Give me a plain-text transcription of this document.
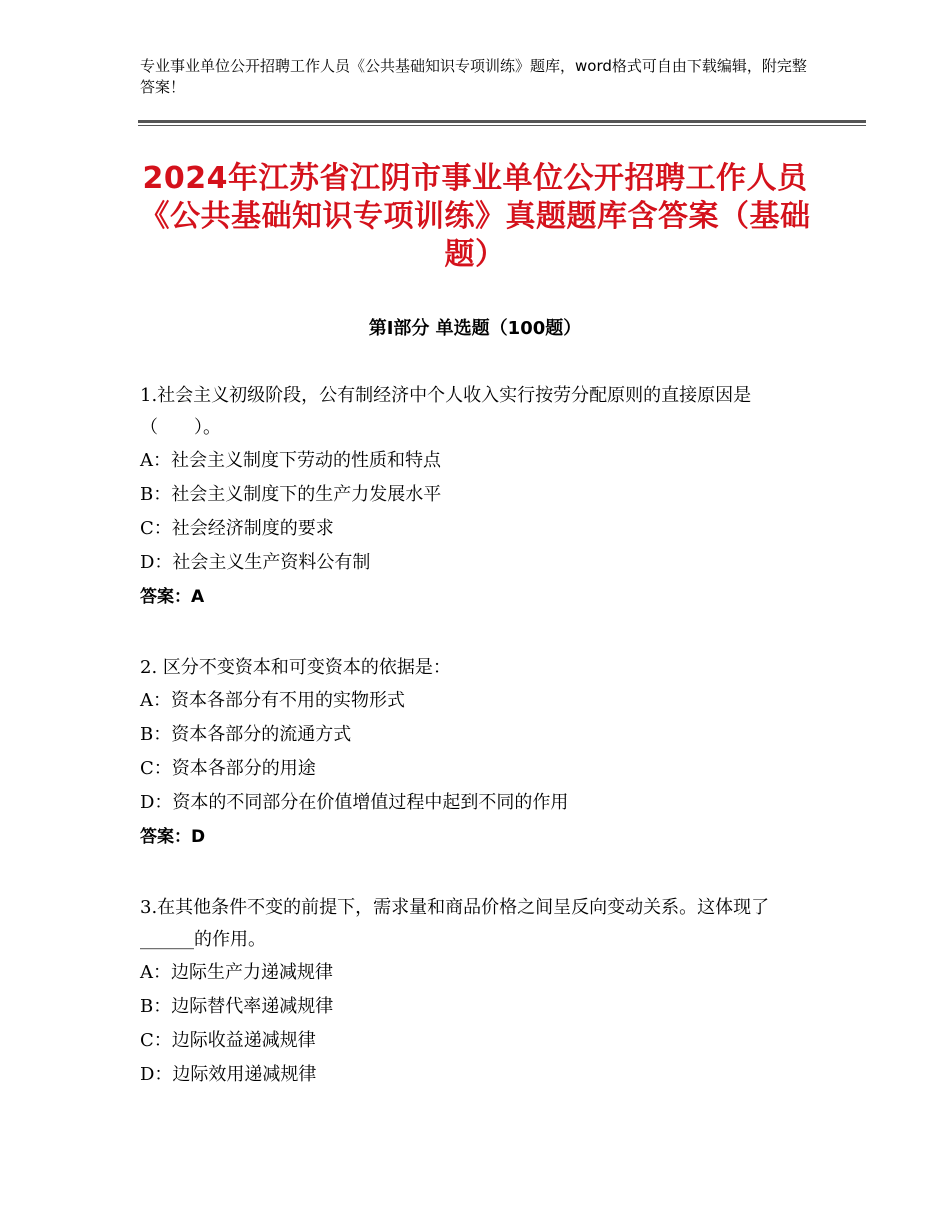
专业事业单位公开招聘工作人员《公共基础知识专项训练》题库，word格式可自由下载编辑，附完整答案！
2024年江苏省江阴市事业单位公开招聘工作人员《公共基础知识专项训练》真题题库含答案（基础题）
第Ⅰ部分 单选题（100题）

1.社会主义初级阶段，公有制经济中个人收入实行按劳分配原则的直接原因是（　　）。

A：社会主义制度下劳动的性质和特点

B：社会主义制度下的生产力发展水平

C：社会经济制度的要求

D：社会主义生产资料公有制

答案：A

2. 区分不变资本和可变资本的依据是：

A：资本各部分有不用的实物形式

B：资本各部分的流通方式

C：资本各部分的用途

D：资本的不同部分在价值增值过程中起到不同的作用

答案：D

3.在其他条件不变的前提下，需求量和商品价格之间呈反向变动关系。这体现了______的作用。

A：边际生产力递减规律

B：边际替代率递减规律

C：边际收益递减规律

D：边际效用递减规律
